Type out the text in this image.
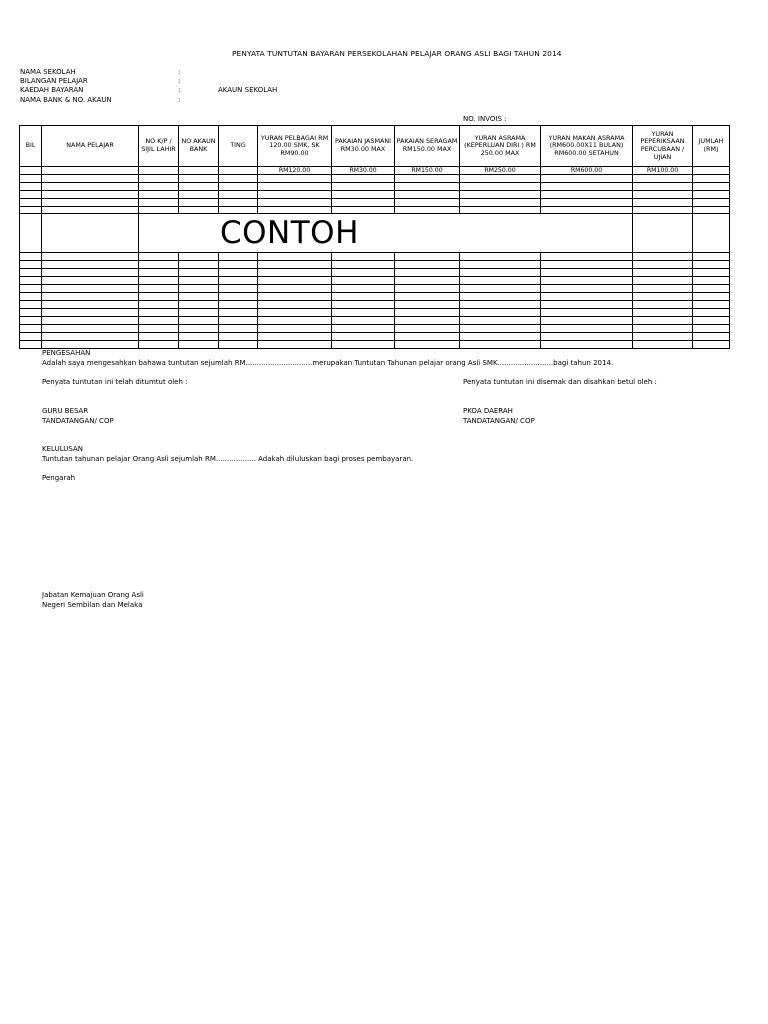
PENYATA TUNTUTAN BAYARAN PERSEKOLAHAN PELAJAR ORANG ASLI BAGI TAHUN 2014
NAMA SEKOLAH	:
BILANGAN PELAJAR	:
KAEDAH BAYARAN	:	AKAUN SEKOLAH
NAMA BANK & NO. AKAUN	:
NO. INVOIS :
BIL	NAMA PELAJAR	NO K/P / SIJIL LAHIR	NO AKAUN BANK	TING	YURAN PELBAGAI RM 120.00 SMK, SK RM90.00	PAKAIAN JASMANI RM30.00 MAX	PAKAIAN SERAGAM RM150.00 MAX	YURAN ASRAMA (KEPERLUAN DIRI ) RM 250.00 MAX	YURAN MAKAN ASRAMA (RM600.00X11 BULAN) RM600.00 SETAHUN	YURAN PEPERIKSAAN PERCUBAAN / UJIAN	JUMLAH (RM)
					RM120.00	RM30.00	RM150.00	RM250.00	RM600.00	RM100.00	

		CONTOH									

PENGESAHAN
Adalah saya mengesahkan bahawa tuntutan sejumlah RM..............................merupakan Tuntutan Tahunan pelajar orang Asli SMK.........................bagi tahun 2014.
Penyata tuntutan ini telah ditumtut oleh :	Penyata tuntutan ini disemak dan disahkan betul oleh :
GURU BESAR
TANDATANGAN/ COP
PKOA DAERAH
TANDATANGAN/ COP
KELULUSAN
Tuntutan tahunan pelajar Orang Asli sejumlah RM.................. Adakah diluluskan bagi proses pembayaran.
Pengarah
Jabatan Kemajuan Orang Asli
Negeri Sembilan dan Melaka
